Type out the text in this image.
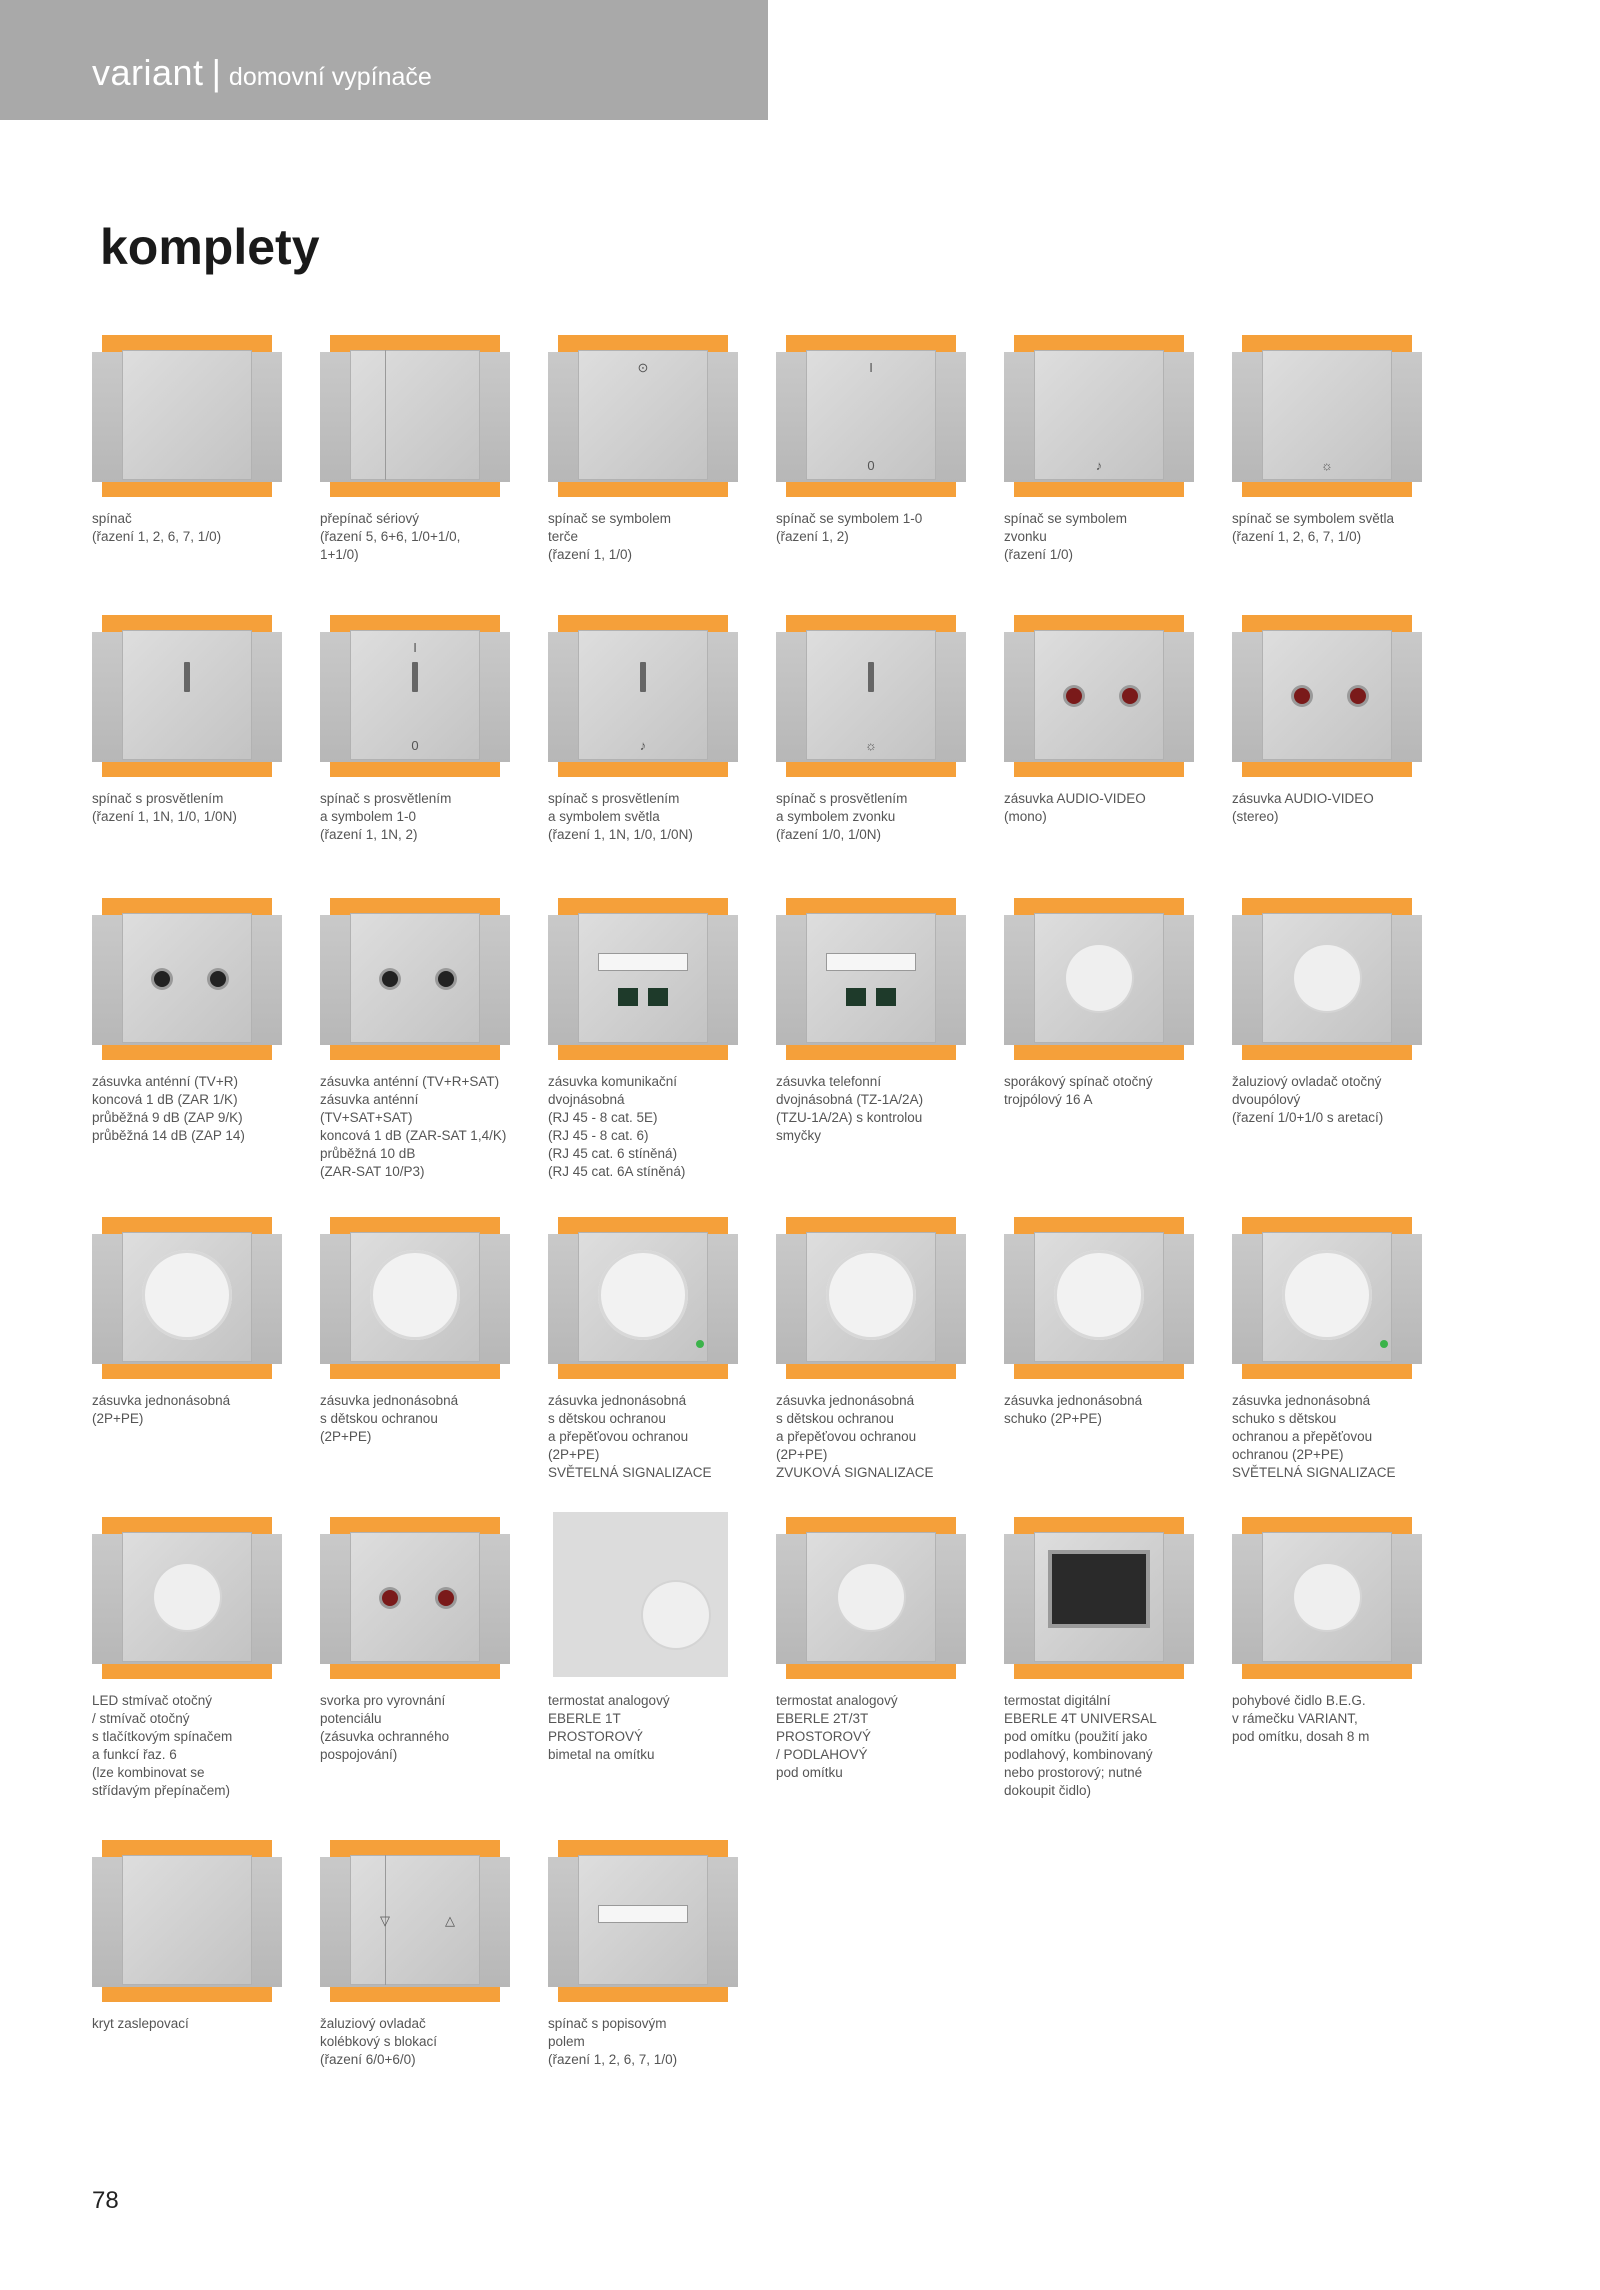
variant | domovní vypínače
komplety
spínač
(řazení 1, 2, 6, 7, 1/0)
přepínač sériový
(řazení 5, 6+6, 1/0+1/0,
1+1/0)
⊙
spínač se symbolem
terče
(řazení 1, 1/0)
I
0
spínač se symbolem 1-0
(řazení 1, 2)
♪
spínač se symbolem
zvonku
(řazení 1/0)
☼
spínač se symbolem světla
(řazení 1, 2, 6, 7, 1/0)
spínač s prosvětlením
(řazení 1, 1N, 1/0, 1/0N)
I
0
spínač s prosvětlením
a symbolem 1-0
(řazení 1, 1N, 2)
♪
spínač s prosvětlením
a symbolem světla
(řazení 1, 1N, 1/0, 1/0N)
☼
spínač s prosvětlením
a symbolem zvonku
(řazení 1/0, 1/0N)
zásuvka AUDIO-VIDEO
(mono)
zásuvka AUDIO-VIDEO
(stereo)
zásuvka anténní (TV+R)
koncová 1 dB (ZAR 1/K)
průběžná 9 dB (ZAP 9/K)
průběžná 14 dB (ZAP 14)
zásuvka anténní (TV+R+SAT)
zásuvka anténní
(TV+SAT+SAT)
koncová 1 dB (ZAR-SAT 1,4/K)
průběžná 10 dB
(ZAR-SAT 10/P3)
zásuvka komunikační
dvojnásobná
(RJ 45 - 8 cat. 5E)
(RJ 45 - 8 cat. 6)
(RJ 45 cat. 6 stíněná)
(RJ 45 cat. 6A stíněná)
zásuvka telefonní
dvojnásobná (TZ-1A/2A)
(TZU-1A/2A) s kontrolou
smyčky
sporákový spínač otočný
trojpólový 16 A
žaluziový ovladač otočný
dvoupólový
(řazení 1/0+1/0 s aretací)
zásuvka jednonásobná
(2P+PE)
zásuvka jednonásobná
s dětskou ochranou
(2P+PE)
zásuvka jednonásobná
s dětskou ochranou
a přepěťovou ochranou
(2P+PE)
SVĚTELNÁ SIGNALIZACE
zásuvka jednonásobná
s dětskou ochranou
a přepěťovou ochranou
(2P+PE)
ZVUKOVÁ SIGNALIZACE
zásuvka jednonásobná
schuko (2P+PE)
zásuvka jednonásobná
schuko s dětskou
ochranou a přepěťovou
ochranou (2P+PE)
SVĚTELNÁ SIGNALIZACE
LED stmívač otočný
/ stmívač otočný
s tlačítkovým spínačem
a funkcí řaz. 6
(lze kombinovat se
střídavým přepínačem)
svorka pro vyrovnání
potenciálu
(zásuvka ochranného
pospojování)
termostat analogový
EBERLE 1T
PROSTOROVÝ
bimetal na omítku
termostat analogový
EBERLE 2T/3T
PROSTOROVÝ
/ PODLAHOVÝ
pod omítku
termostat digitální
EBERLE 4T UNIVERSAL
pod omítku (použití jako
podlahový, kombinovaný
nebo prostorový; nutné
dokoupit čidlo)
pohybové čidlo B.E.G.
v rámečku VARIANT,
pod omítku, dosah 8 m
kryt zaslepovací
▽	△
žaluziový ovladač
kolébkový s blokací
(řazení 6/0+6/0)
spínač s popisovým
polem
(řazení 1, 2, 6, 7, 1/0)
78
